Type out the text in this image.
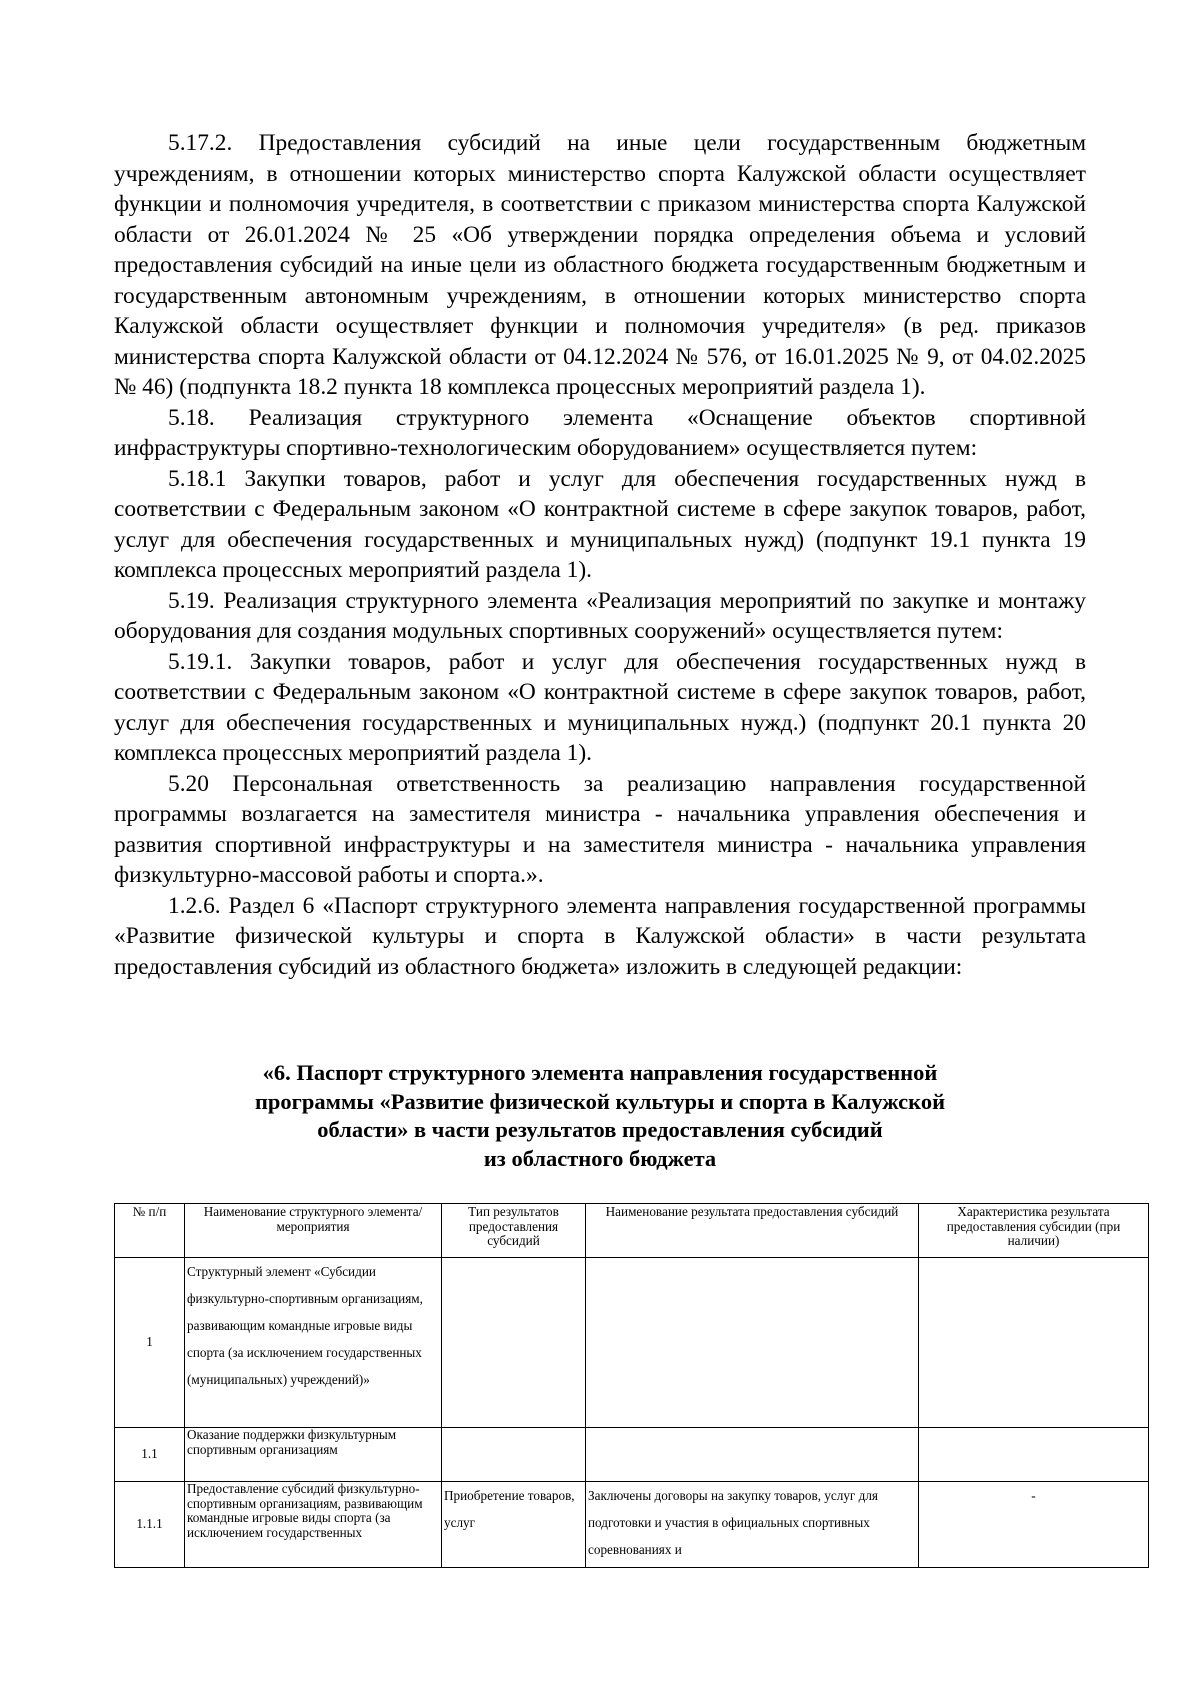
5.17.2. Предоставления субсидий на иные цели государственным бюджетным учреждениям, в отношении которых министерство спорта Калужской области осуществляет функции и полномочия учредителя, в соответствии с приказом министерства спорта Калужской области от 26.01.2024 № 25 «Об утверждении порядка определения объема и условий предоставления субсидий на иные цели из областного бюджета государственным бюджетным и государственным автономным учреждениям, в отношении которых министерство спорта Калужской области осуществляет функции и полномочия учредителя» (в ред. приказов министерства спорта Калужской области от 04.12.2024 № 576, от 16.01.2025 № 9, от 04.02.2025 № 46) (подпункта 18.2 пункта 18 комплекса процессных мероприятий раздела 1).

5.18. Реализация структурного элемента «Оснащение объектов спортивной инфраструктуры спортивно-технологическим оборудованием» осуществляется путем:

5.18.1 Закупки товаров, работ и услуг для обеспечения государственных нужд в соответствии с Федеральным законом «О контрактной системе в сфере закупок товаров, работ, услуг для обеспечения государственных и муниципальных нужд) (подпункт 19.1 пункта 19 комплекса процессных мероприятий раздела 1).

5.19. Реализация структурного элемента «Реализация мероприятий по закупке и монтажу оборудования для создания модульных спортивных сооружений» осуществляется путем:

5.19.1. Закупки товаров, работ и услуг для обеспечения государственных нужд в соответствии с Федеральным законом «О контрактной системе в сфере закупок товаров, работ, услуг для обеспечения государственных и муниципальных нужд.) (подпункт 20.1 пункта 20 комплекса процессных мероприятий раздела 1).

5.20 Персональная ответственность за реализацию направления государственной программы возлагается на заместителя министра - начальника управления обеспечения и развития спортивной инфраструктуры и на заместителя министра - начальника управления физкультурно-массовой работы и спорта.».

1.2.6. Раздел 6 «Паспорт структурного элемента направления государственной программы «Развитие физической культуры и спорта в Калужской области» в части результата предоставления субсидий из областного бюджета» изложить в следующей редакции:

«6. Паспорт структурного элемента направления государственной
программы «Развитие физической культуры и спорта в Калужской
области» в части результатов предоставления субсидий
из областного бюджета
№ п/п	Наименование структурного элемента/мероприятия	Тип результатов предоставления субсидий	Наименование результата предоставления субсидий	Характеристика результата предоставления субсидии (при наличии)
1	Структурный элемент «Субсидии физкультурно-спортивным организациям, развивающим командные игровые виды спорта (за исключением государственных (муниципальных) учреждений)»			
1.1	Оказание поддержки физкультурным спортивным организациям			
1.1.1	Предоставление субсидий физкультурно-спортивным организациям, развивающим командные игровые виды спорта (за исключением государственных	Приобретение товаров, услуг	Заключены договоры на закупку товаров, услуг для подготовки и участия в официальных спортивных соревнованиях и	-
